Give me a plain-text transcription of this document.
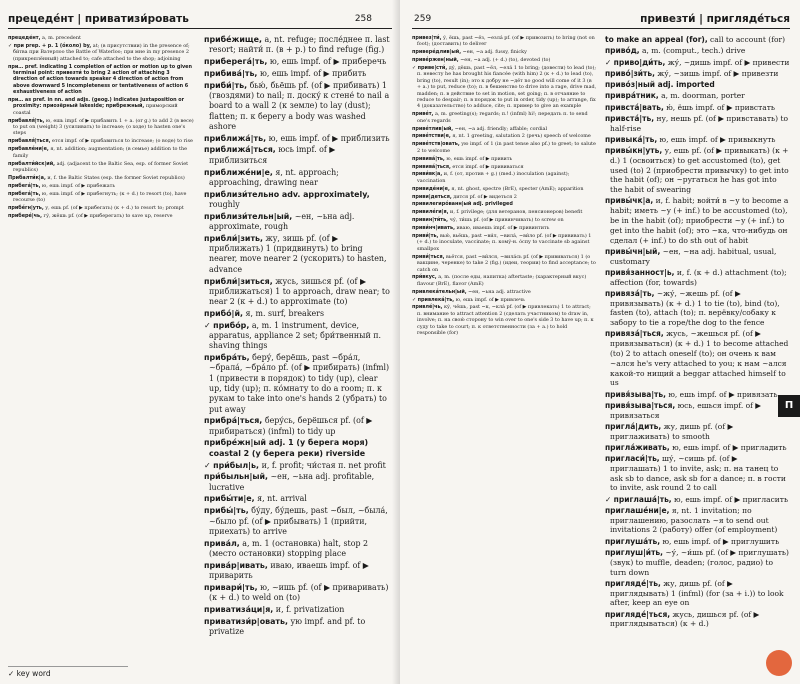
прецедéнт | приватизи́ровать	258
прецедéнт, а, m. precedent
✓ при prep. + p. 1 (о́коло) by, at; (в присутствии) in the presence of; би́тва при Ватерлоо the Battle of Waterloo; при мне in my presence 2 (прикреплённый) attached to; cafe attached to the shop; adjoining
при… pref. indicating 1 completion of action or motion up to given terminal point: привезти́ to bring 2 action of attaching 3 direction of action towards speaker 4 direction of action from above downward 5 incompleteness or tentativeness of action 6 exhaustiveness of action
при… as pref. in nn. and adjs. (geog.) indicates juxtaposition or proximity: приозёрный lakeside; прибрежный, приморский coastal
прибавля́|ть, ю, ешь impf. of ▶ прибавить 1 + a. (or g.) to add 2 (в весе) to put on (weight) 3 (усиливать) to increase; (о ходе) to hasten one's steps
прибавля́|ться, ется impf. of ▶ прибавиться to increase; (о воде) to rise
прибавле́ни|е, я, nt. addition; augmentation; (в семье) addition to the family
прибалти́йск|ий, adj. (adjacent to the Baltic Sea, esp. of former Soviet republics)
Прибалти́к|а, и, f. the Baltic States (esp. the former Soviet republics)
прибега́|ть, ю, ешь impf. of ▶ прибежать
прибега́|ть, ю, ешь impf. of ▶ прибегнуть; (к + d.) to resort (to), have recourse (to)
прибе́гн|уть, у, ешь pf. (of ▶ прибегать) (к + d.) to resort to; prompt
прибере́|чь, гу́, жёшь pf. (of ▶ приберегать) to save up, reserve
прибе́жище, а, nt. refuge; после́днее п. last resort; найти́ п. (в + p.) to find refuge (fig.)
приберега́|ть, ю, ешь impf. of ▶ приберечь
прибива́|ть, ю, ешь impf. of ▶ прибить
приби́|ть, бью́, бьёшь pf. (of ▶ прибивать) 1 (гвоздями) to nail; п. доску́ к стене́ to nail a board to a wall 2 (к земле) to lay (dust); flatten; п. к берегу a body was washed ashore
приближа́|ть, ю, ешь impf. of ▶ приблизить
приближа́|ться, юсь impf. of ▶ приблизиться
приближе́ни|е, я, nt. approach; approaching, drawing near
приблизи́тельно adv. approximately, roughly
приблизи́тельн|ый, ~ен, ~ьна adj. approximate, rough
прибли́|зить, жу, зишь pf. (of ▶ приближать) 1 (придвинуть) to bring nearer, move nearer 2 (ускорить) to hasten, advance
прибли́|зиться, жусь, зишься pf. (of ▶ приближаться) 1 to approach, draw near; to near 2 (к + d.) to approximate (to)
прибо́|й, я, m. surf, breakers
✓ прибо́р, а, m. 1 instrument, device, apparatus, appliance 2 set; бри́твенный п. shaving things
прибра́ть, беру́, берёшь, past ~бра́л, ~брала́, ~бра́ло pf. (of ▶ прибирать) (infml) 1 (привести в порядок) to tidy (up), clear up, tidy (up); п. ко́мнату to do a room; п. к рукам to take into one's hands 2 (убрать) to put away
прибра́|ться, беру́сь, берёшься pf. (of ▶ прибираться) (infml) to tidy up
прибре́жн|ый adj. 1 (у берега моря) coastal 2 (у берега реки) riverside
✓ при́был|ь, и, f. profit; чи́стая п. net profit
при́быльн|ый, ~ен, ~ьна adj. profitable, lucrative
прибы́ти|е, я, nt. arrival
прибы́|ть, бу́ду, бу́дешь, past ~был, ~была́, ~было pf. (of ▶ прибывать) 1 (прийти, приехать) to arrive
прива́л, а, m. 1 (остановка) halt, stop 2 (место остановки) stopping place
прива́р|ивать, иваю, иваешь impf. of ▶ приварить
привари́|ть, ю, ~ишь pf. (of ▶ приваривать) (к + d.) to weld on (to)
приватиза́ци|я, и, f. privatization
приватизи́р|овать, ую impf. and pf. to privatize
✓ key word
259	привезти́ | пригляде́ться
привез|ти́, у́, ёшь, past ~ёз, ~езла́ pf. (of ▶ привозить) to bring (not on foot); (доставить) to deliver
привере́длив|ый, ~ен, ~а adj. fussy, finicky
приве́ржен|ный, ~ен, ~а adj. (+ d.) (to), devoted (to)
✓ приве|сти́, ду́, дёшь, past ~ёл, ~ела́ 1 to bring; (довести) to lead (to); п. невесту he has brought his fiancée (with him) 2 (к + d.) to lead (to), bring (to), result (in); это к добру не ~дёт no good will come of it 3 (в + a.) to put, reduce (to); п. в бешенство to drive into a rage, drive mad, madden; п. в действие to set in motion, set going; п. в отчаяние to reduce to despair; п. в порядок to put in order, tidy (up); to arrange, fix 4 (доказательство) to adduce, cite; п. пример to give an example
приве́т, а, m. greeting(s); regards; п.! (infml) hi!; передать п. to send one's regards
приве́тлив|ый, ~ен, ~а adj. friendly; affable; cordial
приве́тстви|е, я, nt. 1 greeting, salutation 2 (речь) speech of welcome
приве́тств|овать, ую impf. of 1 (in past tense also pf.) to greet; to salute 2 to welcome
привива́|ть, ю, ешь impf. of ▶ привить
привива́|ться, ется impf. of ▶ прививаться
приви́вк|а, и, f. (от, против + g.) (med.) inoculation (against); vaccination
привиде́ни|е, я, nt. ghost, spectre (BrE), specter (AmE); apparition
приви|деться, дится pf. of ▶ видеться 2
привилегиро́ванн|ый adj. privileged
привиле́ги|я, и, f. privilege; (для ветеранов, пенсионеров) benefit
привин|ти́ть, чу́, ти́шь pf. (of ▶ привинчивать) to screw on
приви́нч|ивать, иваю, иваешь impf. of ▶ привинтить
приви́|ть, вью́, вьёшь, past ~ви́л, ~вила́, ~ви́ло pf. (of ▶ прививать) 1 (+ d.) to inoculate, vaccinate; п. кому́-н. о́спу to vaccinate sb against smallpox
приви́|ться, вьётся, past ~ви́лся, ~вила́сь pf. (of ▶ прививаться) 1 (о вакцине, черенке) to take 2 (fig.) (идеи, теории) to find acceptance; to catch on
при́вкус, а, m. (после еды, напитка) aftertaste; (характерный вкус) flavour (BrE), flavor (AmE)
привлека́тельн|ый, ~ен, ~ьна adj. attractive
✓ привлека́|ть, ю, ешь impf. of ▶ привлечь
привле́|чь, ку́, чёшь, past ~к, ~кла́ pf. (of ▶ привлекать) 1 to attract; п. внимание to attract attention 2 (сделать участником) to draw in, involve; п. на свою́ сторону to win over to one's side 3 to have up; п. к суду to take to court; п. к ответственности (за + a.) to hold responsible (for)
to make an appeal (for), call to account (for)
приво́д, а, m. (comput., tech.) drive
✓ приво|ди́ть, жу́, ~дишь impf. of ▶ привести
приво́|зи́ть, жу́, ~зишь impf. of ▶ привезти
приво́з|ный adj. imported
привра́тник, а, m. doorman, porter
привста́|вать, ю́, ёшь impf. of ▶ привстать
привста́|ть, ну, нешь pf. (of ▶ привставать) to half-rise
привыка́|ть, ю, ешь impf. of ▶ привыкнуть
привы́кн|уть, у, ешь pf. (of ▶ привыкать) (к + d.) 1 (освоиться) to get accustomed (to), get used (to) 2 (приобрести привычку) to get into the habit (of); он ~ругаться he has got into the habit of swearing
привы́чк|а, и, f. habit; войти́ в ~у to become a habit; иметь ~у (+ inf.) to be accustomed (to), be in the habit (of); приобрести ~у (+ inf.) to get into the habit (of); это ~ка, что-нибудь он сделал (+ inf.) to do sth out of habit
привы́чн|ый, ~ен, ~на adj. habitual, usual, customary
привя́занност|ь, и, f. (к + d.) attachment (to); affection (for, towards)
привяза́|ть, ~жу́, ~жешь pf. (of ▶ привязывать) (к + d.) 1 to tie (to), bind (to), fasten (to), attach (to); п. верёвку/собаку к забору to tie a rope/the dog to the fence
привяза́|ться, жусь, ~жешься pf. (of ▶ привязываться) (к + d.) 1 to become attached (to) 2 to attach oneself (to); он очень к вам ~ался he's very attached to you; к нам ~ался какой-то нищий a beggar attached himself to us
привя́зыва|ть, ю, ешь impf. of ▶ привязать
привя́зыва|ться, юсь, ешься impf. of ▶ привязаться
пригла́|дить, жу, дишь pf. (of ▶ приглаживать) to smooth
пригла́живать, ю, ешь impf. of ▶ пригладить
пригласи́|ть, шу́, ~сишь pf. (of ▶ приглашать) 1 to invite, ask; п. на танец to ask sb to dance, ask sb for a dance; п. в гости to invite, ask round 2 to call
✓ приглаша́|ть, ю, ешь impf. of ▶ пригласить
приглаше́ни|е, я, nt. 1 invitation; по приглашению, разослать ~я to send out invitations 2 (работу) offer (of employment)
приглуша́ть, ю, ешь impf. of ▶ приглушить
приглуш|и́ть, ~у́, ~и́шь pf. (of ▶ приглушать) (звук) to muffle, deaden; (голос, радио) to turn down
пригляде́|ть, жу, дишь pf. (of ▶ приглядывать) 1 (infml) (for (за + i.)) to look after, keep an eye on
пригляде́|ться, жусь, дишься pf. (of ▶ приглядываться) (к + d.)
П
